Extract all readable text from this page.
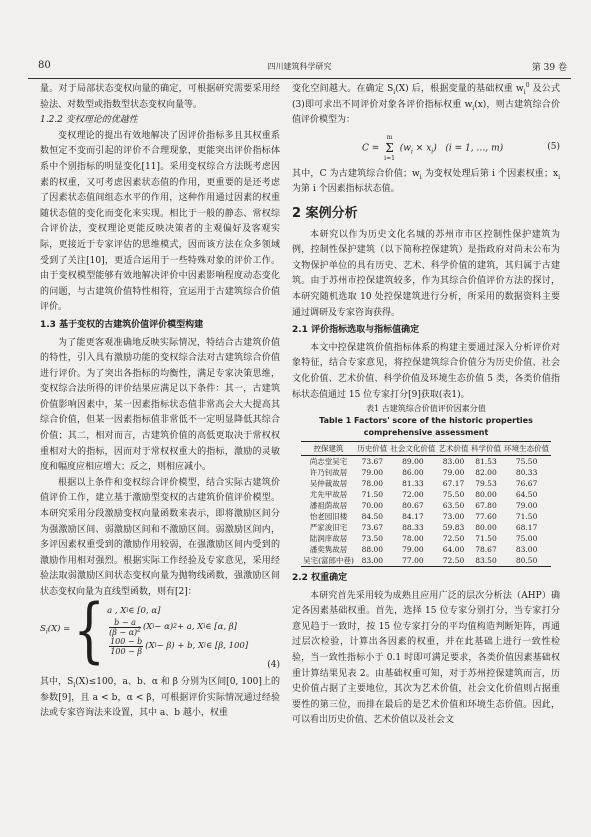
80	四川建筑科学研究	第 39 卷

量。对于局部状态变权向量的确定，可根据研究需要采用经验法、对数型或指数型状态变权向量等。

1.2.2 变权理论的优越性

变权理论的提出有效地解决了因评价指标多且其权重系数恒定不变而引起的评价不合理现象，更能突出评价指标体系中个别指标的明显变化[11]。采用变权综合方法既考虑因素的权重，又可考虑因素状态值的作用，更重要的是还考虑了因素状态值间组态水平的作用，这种作用通过因素的权重随状态值的变化而变化来实现。相比于一般的静态、常权综合评价法，变权理论更能反映决策者的主观偏好及客观实际，更接近于专家评估的思维模式，因而该方法在众多领域受到了关注[10]，更适合运用于一些特殊对象的评价工作。由于变权模型能够有效地解决评价中因素影响程度动态变化的问题，与古建筑价值特性相符，宜运用于古建筑综合价值评价。

1.3 基于变权的古建筑价值评价模型构建

为了能更客观准确地反映实际情况，特结合古建筑价值的特性，引入具有激励功能的变权综合法对古建筑综合价值进行评价。为了突出各指标的均衡性，满足专家决策思维，变权综合法所得的评价结果应满足以下条件：其一，古建筑价值影响因素中，某一因素指标状态值非常高会大大提高其综合价值，但某一因素指标值非常低不一定明显降低其综合价值；其二，相对而言，古建筑价值的高低更取决于常权权重相对大的指标，因而对于常权权重大的指标，激励的灵敏度和幅度应相应增大；反之，则相应减小。

根据以上条件和变权综合评价模型，结合实际古建筑价值评价工作，建立基于激励型变权的古建筑价值评价模型。本研究采用分段激励变权向量函数来表示，即将激励区间分为强激励区间、弱激励区间和不激励区间。弱激励区间内，多评因素权重受到的激励作用较弱，在强激励区间内受到的激励作用相对强烈。根据实际工作经验及专家意见，采用经验法取弱激励区间状态变权向量为抛物线函数，强激励区间状态变权向量为直线型函数，则有[2]：

$S_i(X)$ = { a , X i ∈ [0, α]
$\frac{b - a}{(\beta - \alpha)^2} (X$ i − α) 2 + a, X i ∈ [α, β]
$\frac{100 - b}{100 - \beta} (X$ i − β) + b, X i ∈ [β, 100]
(4)

其中，$S_i(X)\le 100$，a、b、α 和 β 分别为区间[0, 100]上的参数[9]，且 a < b，α < β，可根据评价实际情况通过经验法或专家咨询法来设置，其中 a、b 越小，权重

变化空间越大。在确定 $S_i(X)$ 后，根据变量的基础权重 $w_i^0$ 及公式(3)即可求出不同评价对象各评价指标权重 $w_i(x)$，则古建筑综合价值评价模型为：

C =
m
Σ
i=1
$(w_i \times x_i) (i = 1$, …, m)	(5)

其中，C 为古建筑综合价值；$w_i$ 为变权处理后第 i 个因素权重；$x_i$ 为第 i 个因素指标状态值。

2 案例分析

本研究以作为历史文化名城的苏州市市区控制性保护建筑为例，控制性保护建筑（以下简称控保建筑）是指政府对尚未公布为文物保护单位的具有历史、艺术、科学价值的建筑，其归属于古建筑。由于苏州市控保建筑较多，作为其综合价值评价方法的探讨，本研究随机选取 10 处控保建筑进行分析，所采用的数据资料主要通过调研及专家咨询获得。

2.1 评价指标选取与指标值确定

本文中控保建筑价值指标体系的构建主要通过深入分析评价对象特征，结合专家意见，将控保建筑综合价值分为历史价值、社会文化价值、艺术价值、科学价值及环境生态价值 5 类，各类价值指标状态值通过 15 位专家打分[9]获取(表1)。

表1 古建筑综合价值评价因素分值
Table 1 Factors' score of the historic properties
comprehensive assessment
控保建筑	历史价值	社会文化价值	艺术价值	科学价值	环境生态价值
尚志堂吴宅	73.67	89.00	83.00	81.53	75.50
许乃钊故居	79.00	86.00	79.00	82.00	80.33
吴仲裁故居	78.00	81.33	67.17	79.53	76.67
尤先甲故居	71.50	72.00	75.50	80.00	64.50
潘祖荫故居	70.00	80.67	63.50	67.80	79.00
怡老园旧楼	84.50	84.17	73.00	77.60	71.50
严家浚旧宅	73.67	88.33	59.83	80.00	68.17
陆润庠故居	73.50	78.00	72.50	71.50	75.00
潘奕隽故居	88.00	79.00	64.00	78.67	83.00
吴宅(富郎中巷)	83.00	77.00	72.50	83.50	80.50
2.2 权重确定

本研究首先采用较为成熟且应用广泛的层次分析法（AHP）确定各因素基础权重。首先，选择 15 位专家分别打分，当专家打分意见趋于一致时，按 15 位专家打分的平均值构造判断矩阵，再通过层次检验，计算出各因素的权重，并在此基础上进行一致性检验，当一致性指标小于 0.1 时即可满足要求，各类价值因素基础权重计算结果见表 2。由基础权重可知，对于苏州控保建筑而言，历史价值占据了主要地位，其次为艺术价值，社会文化价值则占据重要性的第三位，而排在最后的是艺术价值和环境生态价值。因此，可以看出历史价值、艺术价值以及社会文
